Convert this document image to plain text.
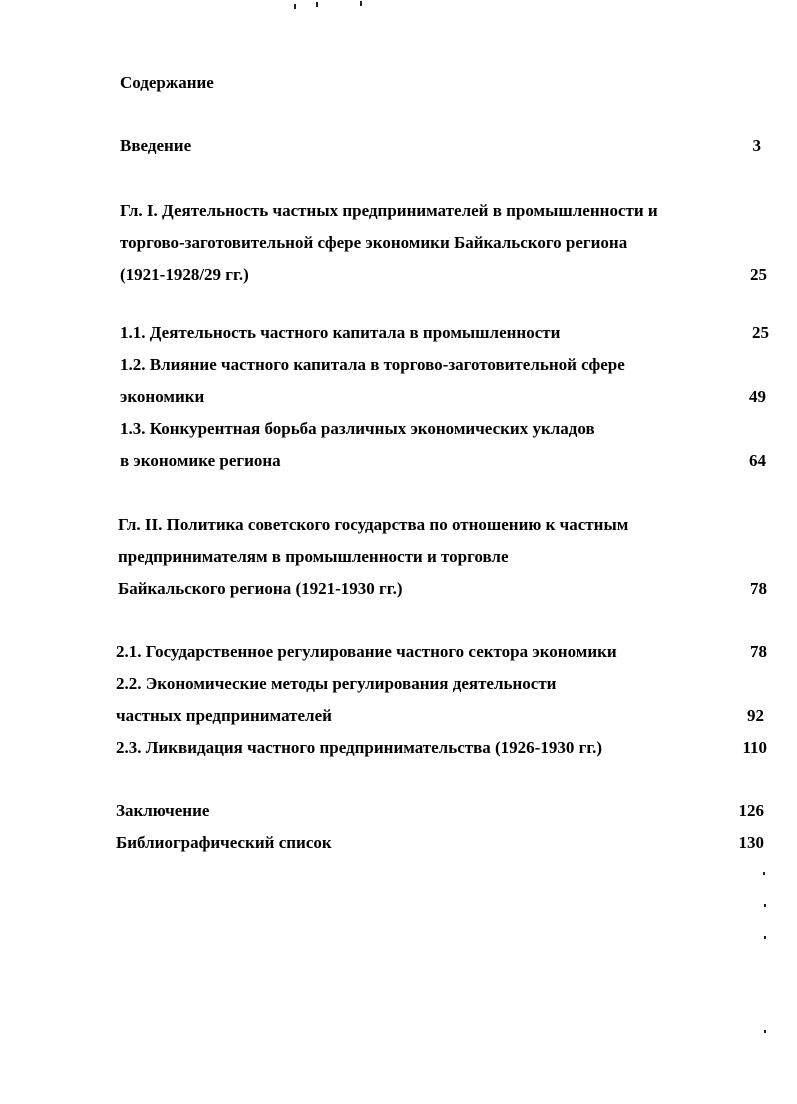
Содержание
Введение	3
Гл. I. Деятельность частных предпринимателей в промышленности и
торгово-заготовительной сфере экономики Байкальского региона
(1921-1928/29 гг.)	25
1.1. Деятельность частного капитала в промышленности	25
1.2. Влияние частного капитала в торгово-заготовительной сфере
экономики	49
1.3. Конкурентная борьба различных экономических укладов
в экономике региона	64
Гл. II. Политика советского государства по отношению к частным
предпринимателям в промышленности и торговле
Байкальского региона (1921-1930 гг.)	78
2.1. Государственное регулирование частного сектора экономики	78
2.2. Экономические методы регулирования деятельности
частных предпринимателей	92
2.3. Ликвидация частного предпринимательства (1926-1930 гг.)	110
Заключение	126
Библиографический список	130
